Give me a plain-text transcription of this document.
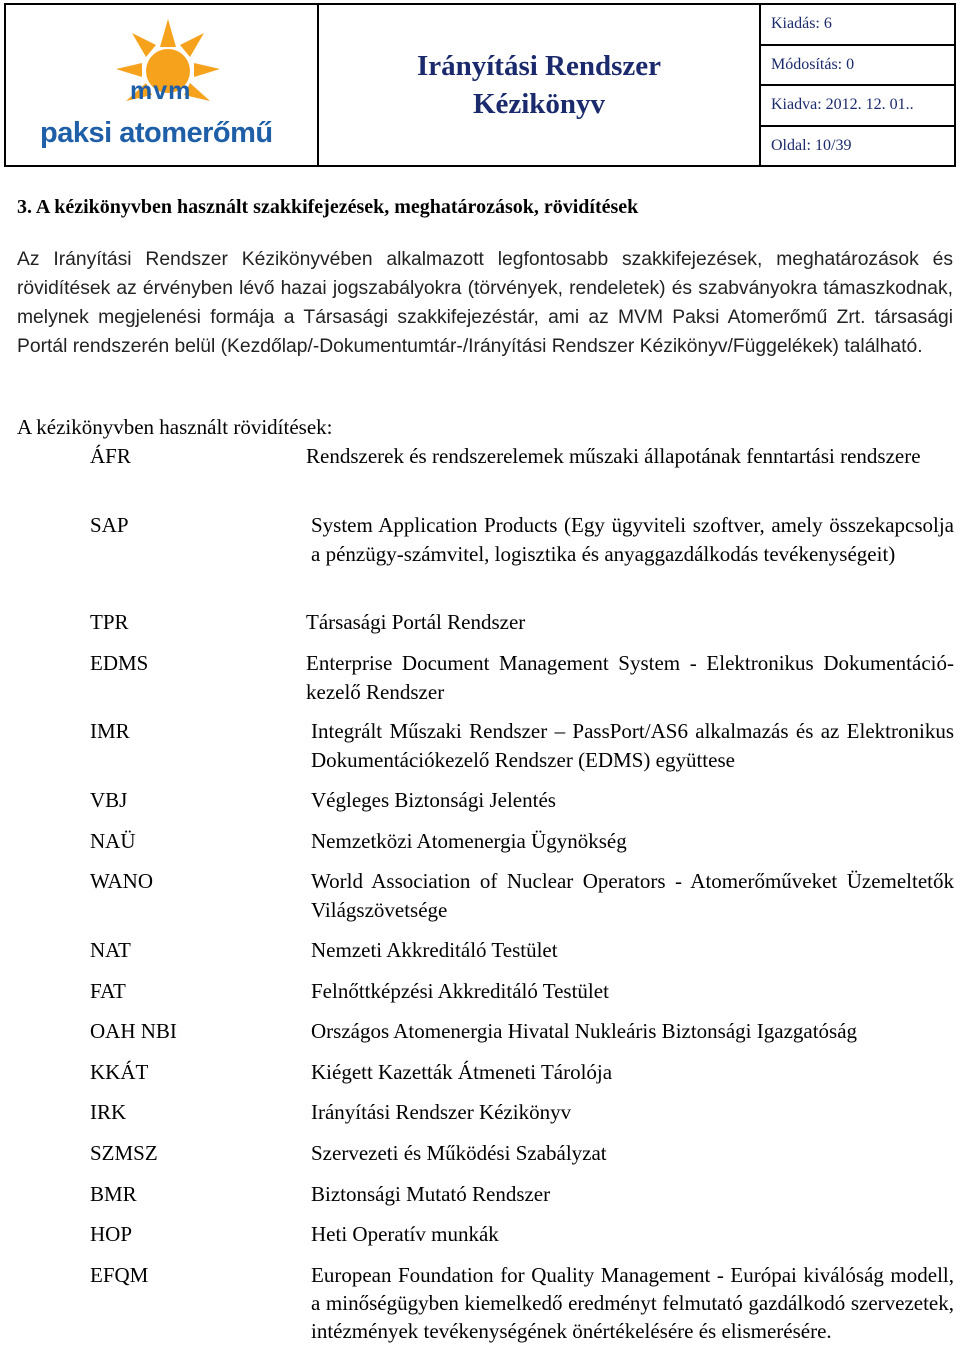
mvm
paksi atomerőmű
Irányítási Rendszer
Kézikönyv
Kiadás: 6
Módosítás: 0
Kiadva: 2012. 12. 01..
Oldal: 10/39
3. A kézikönyvben használt szakkifejezések, meghatározások, rövidítések
Az Irányítási Rendszer Kézikönyvében alkalmazott legfontosabb szakkifejezések, meghatározások és rövidítések az érvényben lévő hazai jogszabályokra (törvények, rendeletek) és szabványokra támaszkodnak, melynek megjelenési formája a Társasági szakkifejezéstár, ami az MVM Paksi Atomerőmű Zrt. társasági Portál rendszerén belül (Kezdőlap/-Dokumentumtár-/Irányítási Rendszer Kézikönyv/Függelékek) található.
A kézikönyvben használt rövidítések:
ÁFR	Rendszerek és rendszerelemek műszaki állapotának fenntartási rendszere
SAP	System Application Products (Egy ügyviteli szoftver, amely összekapcsolja a pénzügy-számvitel, logisztika és anyaggazdálkodás tevékenységeit)
TPR	Társasági Portál Rendszer
EDMS	Enterprise Document Management System - Elektronikus Dokumentáció-kezelő Rendszer
IMR	Integrált Műszaki Rendszer – PassPort/AS6 alkalmazás és az Elektronikus Dokumentációkezelő Rendszer (EDMS) együttese
VBJ	Végleges Biztonsági Jelentés
NAÜ	Nemzetközi Atomenergia Ügynökség
WANO	World Association of Nuclear Operators - Atomerőműveket Üzemeltetők Világszövetsége
NAT	Nemzeti Akkreditáló Testület
FAT	Felnőttképzési Akkreditáló Testület
OAH NBI	Országos Atomenergia Hivatal Nukleáris Biztonsági Igazgatóság
KKÁT	Kiégett Kazetták Átmeneti Tárolója
IRK	Irányítási Rendszer Kézikönyv
SZMSZ	Szervezeti és Működési Szabályzat
BMR	Biztonsági Mutató Rendszer
HOP	Heti Operatív munkák
EFQM	European Foundation for Quality Management - Európai kiválóság modell, a minőségügyben kiemelkedő eredményt felmutató gazdálkodó szervezetek, intézmények tevékenységének önértékelésére és elismerésére.
